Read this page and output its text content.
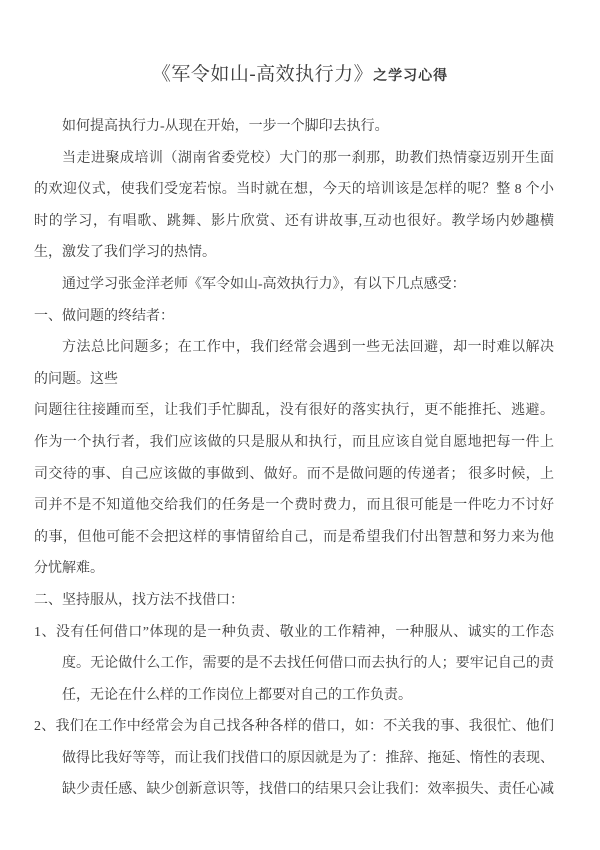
《军令如山-高效执行力》之学习心得
如何提高执行力-从现在开始，一步一个脚印去执行。
当走进聚成培训（湖南省委党校）大门的那一刹那，助教们热情豪迈别开生面
的欢迎仪式，使我们受宠若惊。当时就在想，今天的培训该是怎样的呢？整 8 个小
时的学习，有唱歌、跳舞、影片欣赏、还有讲故事,互动也很好。教学场内妙趣横
生，激发了我们学习的热情。
通过学习张金洋老师《军令如山-高效执行力》，有以下几点感受：
一、做问题的终结者：
方法总比问题多；在工作中，我们经常会遇到一些无法回避，却一时难以解决
的问题。这些
问题往往接踵而至，让我们手忙脚乱，没有很好的落实执行，更不能推托、逃避。
作为一个执行者，我们应该做的只是服从和执行，而且应该自觉自愿地把每一件上
司交待的事、自己应该做的事做到、做好。而不是做问题的传递者； 很多时候，上
司并不是不知道他交给我们的任务是一个费时费力，而且很可能是一件吃力不讨好
的事，但他可能不会把这样的事情留给自己，而是希望我们付出智慧和努力来为他
分忧解难。
二、坚持服从，找方法不找借口：
1、没有任何借口”体现的是一种负责、敬业的工作精神，一种服从、诚实的工作态
度。无论做什么工作，需要的是不去找任何借口而去执行的人；要牢记自己的责
任，无论在什么样的工作岗位上都要对自己的工作负责。
2、我们在工作中经常会为自己找各种各样的借口，如：不关我的事、我很忙、他们
做得比我好等等，而让我们找借口的原因就是为了：推辞、拖延、惰性的表现、
缺少责任感、缺少创新意识等，找借口的结果只会让我们：效率损失、责任心减
